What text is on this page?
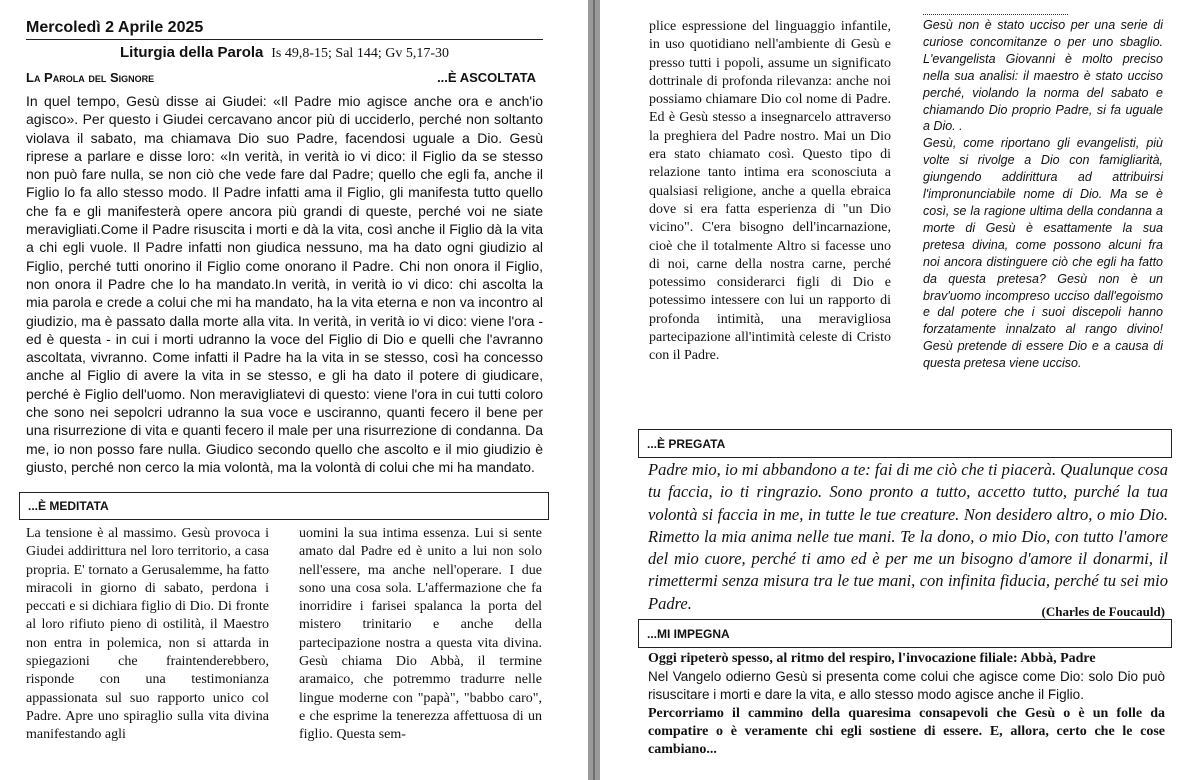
Mercoledì 2 Aprile 2025
Liturgia della Parola Is 49,8-15; Sal 144; Gv 5,17-30
La Parola del Signore	...È ASCOLTATA

In quel tempo, Gesù disse ai Giudei: «Il Padre mio agisce anche ora e anch'io agisco». Per questo i Giudei cercavano ancor più di ucciderlo, perché non soltanto violava il sabato, ma chiamava Dio suo Padre, facendosi uguale a Dio. Gesù riprese a parlare e disse loro: «In verità, in verità io vi dico: il Figlio da se stesso non può fare nulla, se non ciò che vede fare dal Padre; quello che egli fa, anche il Figlio lo fa allo stesso modo. Il Padre infatti ama il Figlio, gli manifesta tutto quello che fa e gli manifesterà opere ancora più grandi di queste, perché voi ne siate meravigliati.Come il Padre risuscita i morti e dà la vita, così anche il Figlio dà la vita a chi egli vuole. Il Padre infatti non giudica nessuno, ma ha dato ogni giudizio al Figlio, perché tutti onorino il Figlio come onorano il Padre. Chi non onora il Figlio, non onora il Padre che lo ha mandato.In verità, in verità io vi dico: chi ascolta la mia parola e crede a colui che mi ha mandato, ha la vita eterna e non va incontro al giudizio, ma è passato dalla morte alla vita. In verità, in verità io vi dico: viene l'ora - ed è questa - in cui i morti udranno la voce del Figlio di Dio e quelli che l'avranno ascoltata, vivranno. Come infatti il Padre ha la vita in se stesso, così ha concesso anche al Figlio di avere la vita in se stesso, e gli ha dato il potere di giudicare, perché è Figlio dell'uomo. Non meravigliatevi di questo: viene l'ora in cui tutti coloro che sono nei sepolcri udranno la sua voce e usciranno, quanti fecero il bene per una risurrezione di vita e quanti fecero il male per una risurrezione di condanna. Da me, io non posso fare nulla. Giudico secondo quello che ascolto e il mio giudizio è giusto, perché non cerco la mia volontà, ma la volontà di colui che mi ha mandato.

...È MEDITATA

La tensione è al massimo. Gesù provoca i Giudei addirittura nel loro territorio, a casa propria. E' tornato a Gerusalemme, ha fatto miracoli in giorno di sabato, perdona i peccati e si dichiara figlio di Dio. Di fronte al loro rifiuto pieno di ostilità, il Maestro non entra in polemica, non si attarda in spiegazioni che fraintenderebbero, risponde con una testimonianza appassionata sul suo rapporto unico col Padre. Apre uno spiraglio sulla vita divina manifestando agli

uomini la sua intima essenza. Lui si sente amato dal Padre ed è unito a lui non solo nell'essere, ma anche nell'operare. I due sono una cosa sola. L'affermazione che fa inorridire i farisei spalanca la porta del mistero trinitario e anche della partecipazione nostra a questa vita divina. Gesù chiama Dio Abbà, il termine aramaico, che potremmo tradurre nelle lingue moderne con "papà", "babbo caro", e che esprime la tenerezza affettuosa di un figlio. Questa sem-

plice espressione del linguaggio infantile, in uso quotidiano nell'ambiente di Gesù e presso tutti i popoli, assume un significato dottrinale di profonda rilevanza: anche noi possiamo chiamare Dio col nome di Padre. Ed è Gesù stesso a insegnarcelo attraverso la preghiera del Padre nostro. Mai un Dio era stato chiamato così. Questo tipo di relazione tanto intima era sconosciuta a qualsiasi religione, anche a quella ebraica dove si era fatta esperienza di "un Dio vicino". C'era bisogno dell'incarnazione, cioè che il totalmente Altro si facesse uno di noi, carne della nostra carne, perché potessimo considerarci figli di Dio e potessimo intessere con lui un rapporto di profonda intimità, una meravigliosa partecipazione all'intimità celeste di Cristo con il Padre.

Gesù non è stato ucciso per una serie di curiose concomitanze o per uno sbaglio. L'evangelista Giovanni è molto preciso nella sua analisi: il maestro è stato ucciso perché, violando la norma del sabato e chiamando Dio proprio Padre, si fa uguale a Dio. .
Gesù, come riportano gli evangelisti, più volte si rivolge a Dio con famigliarità, giungendo addirittura ad attribuirsi l'impronunciabile nome di Dio. Ma se è così, se la ragione ultima della condanna a morte di Gesù è esattamente la sua pretesa divina, come possono alcuni fra noi ancora distinguere ciò che egli ha fatto da questa pretesa? Gesù non è un brav'uomo incompreso ucciso dall'egoismo e dal potere che i suoi discepoli hanno forzatamente innalzato al rango divino! Gesù pretende di essere Dio e a causa di questa pretesa viene ucciso.
...È PREGATA

Padre mio, io mi abbandono a te: fai di me ciò che ti piacerà. Qualunque cosa tu faccia, io ti ringrazio. Sono pronto a tutto, accetto tutto, purché la tua volontà si faccia in me, in tutte le tue creature. Non desidero altro, o mio Dio. Rimetto la mia anima nelle tue mani. Te la dono, o mio Dio, con tutto l'amore del mio cuore, perché ti amo ed è per me un bisogno d'amore il donarmi, il rimettermi senza misura tra le tue mani, con infinita fiducia, perché tu sei mio Padre.	(Charles de Foucauld)
...MI IMPEGNA
Oggi ripeterò spesso, al ritmo del respiro, l'invocazione filiale: Abbà, Padre
Nel Vangelo odierno Gesù si presenta come colui che agisce come Dio: solo Dio può risuscitare i morti e dare la vita, e allo stesso modo agisce anche il Figlio.
Percorriamo il cammino della quaresima consapevoli che Gesù o è un folle da compatire o è veramente chi egli sostiene di essere. E, allora, certo che le cose cambiano...
